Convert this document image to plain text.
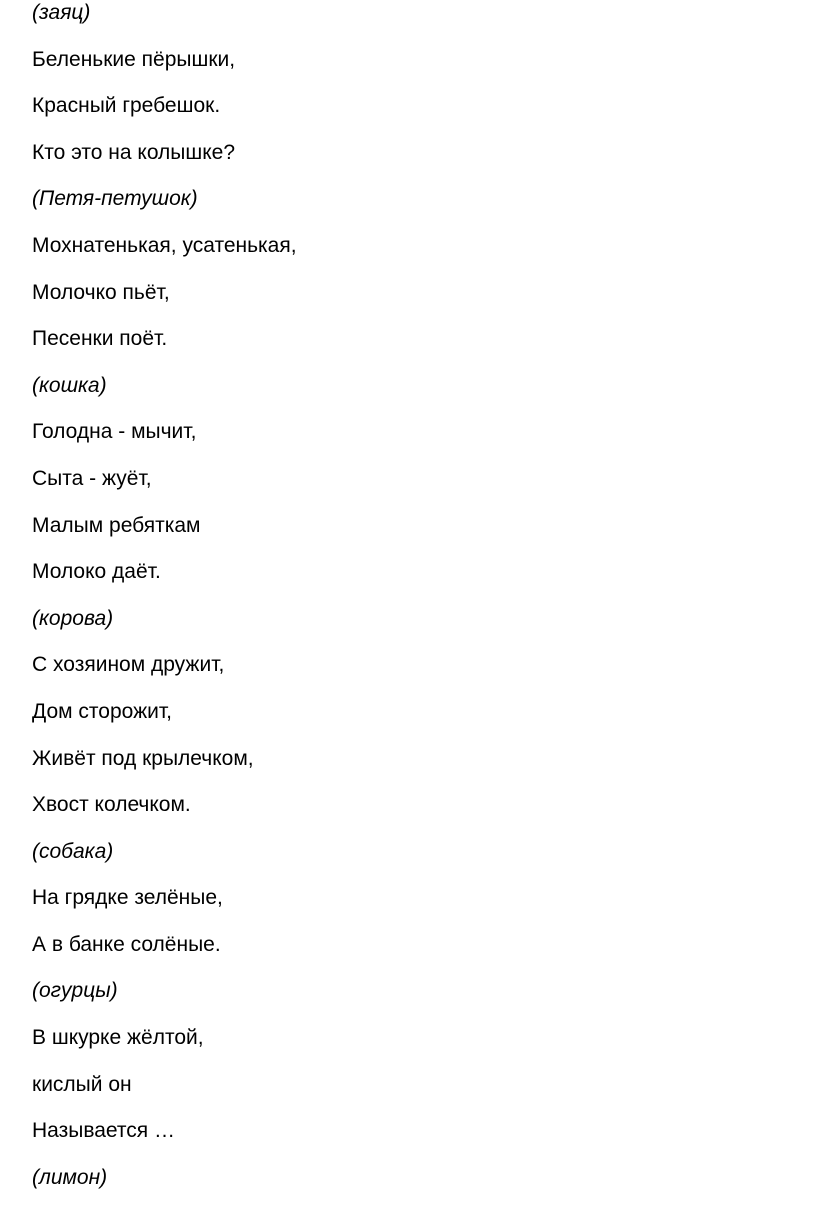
(заяц)

Беленькие пёрышки,

Красный гребешок.

Кто это на колышке?

(Петя-петушок)

Мохнатенькая, усатенькая,

Молочко пьёт,

Песенки поёт.

(кошка)

Голодна - мычит,

Сыта - жуёт,

Малым ребяткам

Молоко даёт.

(корова)

С хозяином дружит,

Дом сторожит,

Живёт под крылечком,

Хвост колечком.

(собака)

На грядке зелёные,

А в банке солёные.

(огурцы)

В шкурке жёлтой,

кислый он

Называется …

(лимон)
